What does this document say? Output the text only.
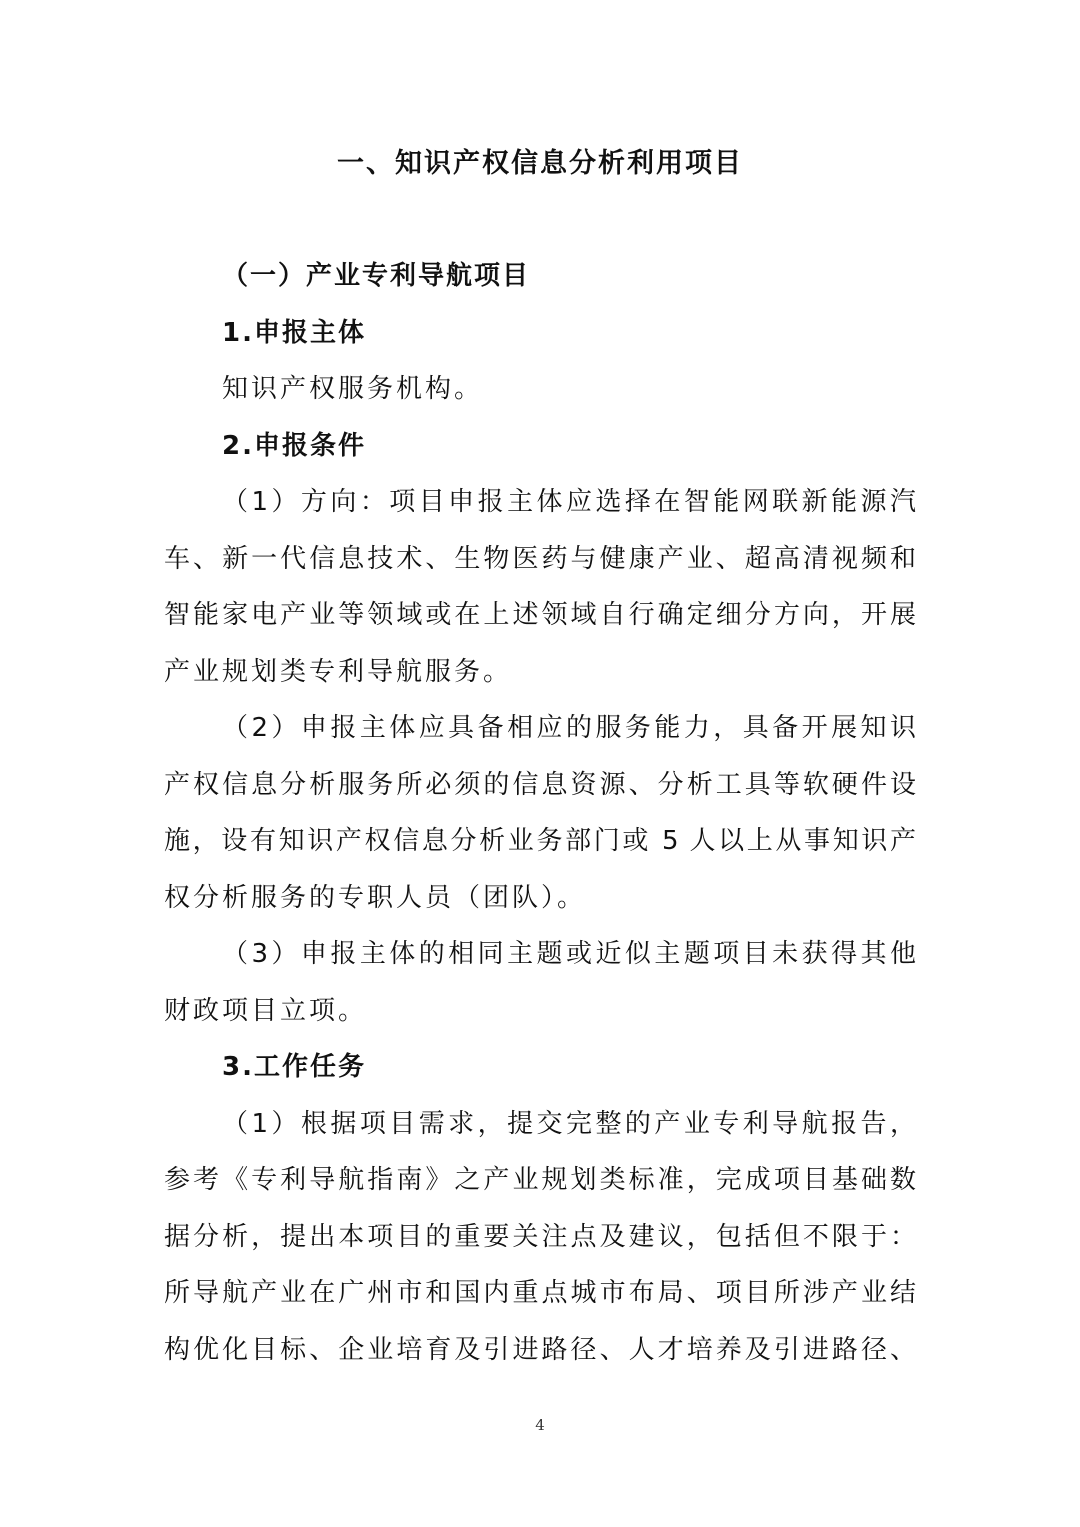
一、知识产权信息分析利用项目
（一）产业专利导航项目
1.申报主体
知识产权服务机构。
2.申报条件
（1）方向：项目申报主体应选择在智能网联新能源汽
车、新一代信息技术、生物医药与健康产业、超高清视频和
智能家电产业等领域或在上述领域自行确定细分方向，开展
产业规划类专利导航服务。
（2）申报主体应具备相应的服务能力，具备开展知识
产权信息分析服务所必须的信息资源、分析工具等软硬件设
施，设有知识产权信息分析业务部门或 5 人以上从事知识产
权分析服务的专职人员（团队）。
（3）申报主体的相同主题或近似主题项目未获得其他
财政项目立项。
3.工作任务
（1）根据项目需求，提交完整的产业专利导航报告，
参考《专利导航指南》之产业规划类标准，完成项目基础数
据分析，提出本项目的重要关注点及建议，包括但不限于：
所导航产业在广州市和国内重点城市布局、项目所涉产业结
构优化目标、企业培育及引进路径、人才培养及引进路径、
4
